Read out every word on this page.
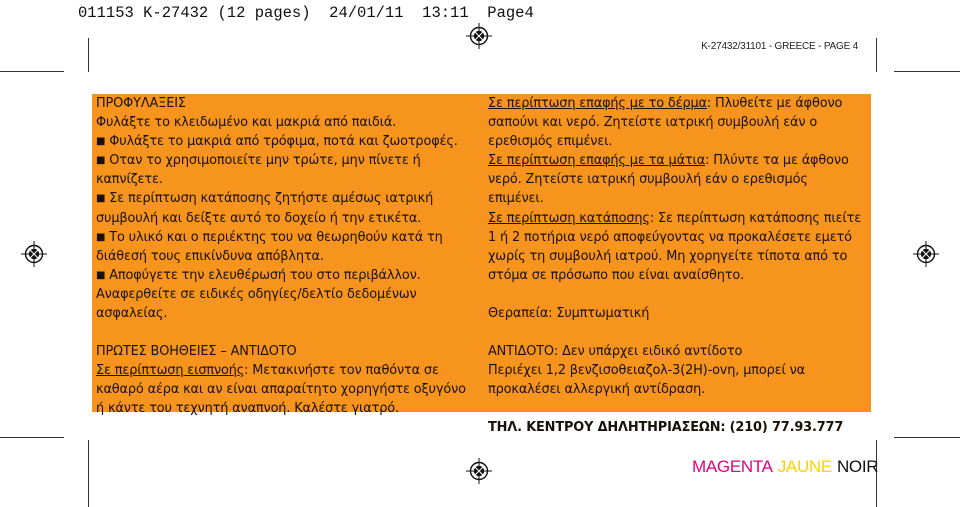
011153 K-27432 (12 pages)  24/01/11  13:11  Page4
K-27432/31101 - GREECE - PAGE 4

ΠΡΟΦΥΛΑΞΕΙΣ

Φυλάξτε το κλειδωμένο και μακριά από παιδιά.

■ Φυλάξτε το μακριά από τρόφιμα, ποτά και ζωοτροφές.

■ Οταν το χρησιμοποιείτε μην τρώτε, μην πίνετε ή καπνίζετε.

■ Σε περίπτωση κατάποσης ζητήστε αμέσως ιατρική συμβουλή και δείξτε αυτό το δοχείο ή την ετικέτα.

■ Το υλικό και ο περιέκτης του να θεωρηθούν κατά τη διάθεσή τους επικίνδυνα απόβλητα.

■ Αποφύγετε την ελευθέρωσή του στο περιβάλλον. Αναφερθείτε σε ειδικές οδηγίες/δελτίο δεδομένων ασφαλείας.

ΠΡΩΤΕΣ ΒΟΗΘΕΙΕΣ – ΑΝΤΙΔΟΤΟ

Σε περίπτωση εισπνοής: Μετακινήστε τον παθόντα σε καθαρό αέρα και αν είναι απαραίτητο χορηγήστε οξυγόνο ή κάντε του τεχνητή αναπνοή. Καλέστε γιατρό.

Σε περίπτωση επαφής με το δέρμα: Πλυθείτε με άφθονο σαπούνι και νερό. Ζητείστε ιατρική συμβουλή εάν ο ερεθισμός επιμένει.

Σε περίπτωση επαφής με τα μάτια: Πλύντε τα με άφθονο νερό. Ζητείστε ιατρική συμβουλή εάν ο ερεθισμός επιμένει.

Σε περίπτωση κατάποσης: Σε περίπτωση κατάποσης πιείτε 1 ή 2 ποτήρια νερό αποφεύγοντας να προκαλέσετε εμετό χωρίς τη συμβουλή ιατρού. Μη χορηγείτε τίποτα από το στόμα σε πρόσωπο που είναι αναίσθητο.

Θεραπεία: Συμπτωματική

ΑΝΤΙΔΟΤΟ: Δεν υπάρχει ειδικό αντίδοτο

Περιέχει 1,2 βενζισοθειαζολ-3(2H)-οvη, μπορεί να προκαλέσει αλλεργική αντίδραση.

ΤΗΛ. ΚΕΝΤΡΟΥ ΔΗΛΗΤΗΡΙΑΣΕΩΝ: (210) 77.93.777

MAGENTA JAUNE NOIR
